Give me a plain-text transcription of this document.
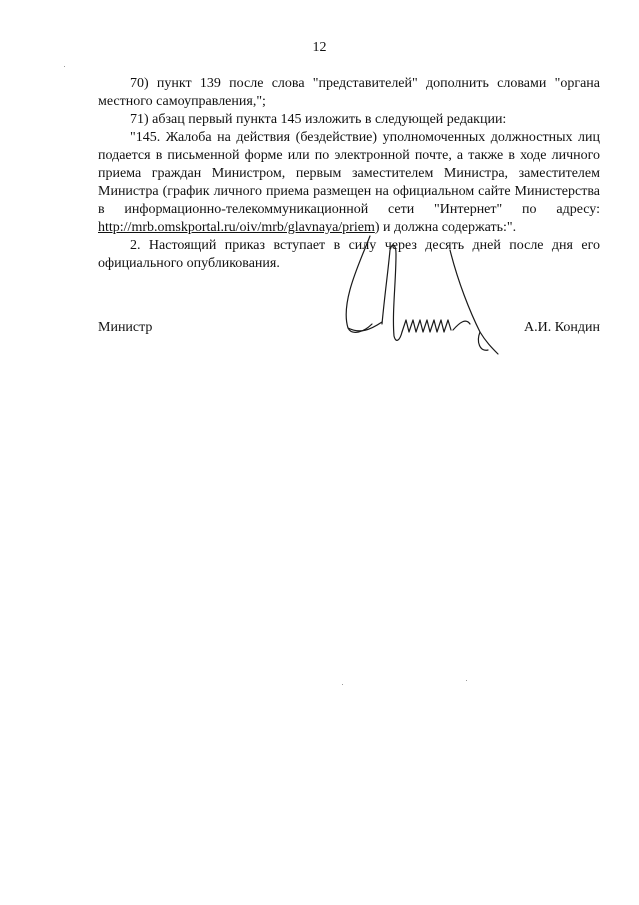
12

70) пункт 139 после слова "представителей" дополнить словами "органа местного самоуправления,";

71) абзац первый пункта 145 изложить в следующей редакции:

"145. Жалоба на действия (бездействие) уполномоченных должностных лиц подается в письменной форме или по электронной почте, а также в ходе личного приема граждан Министром, первым заместителем Министра, заместителем Министра (график личного приема размещен на официальном сайте Министерства в информационно-телекоммуникационной сети "Интернет" по адресу: http://mrb.omskportal.ru/oiv/mrb/glavnaya/priem) и должна содержать:".

2. Настоящий приказ вступает в силу через десять дней после дня его официального опубликования.

Министр	А.И. Кондин
